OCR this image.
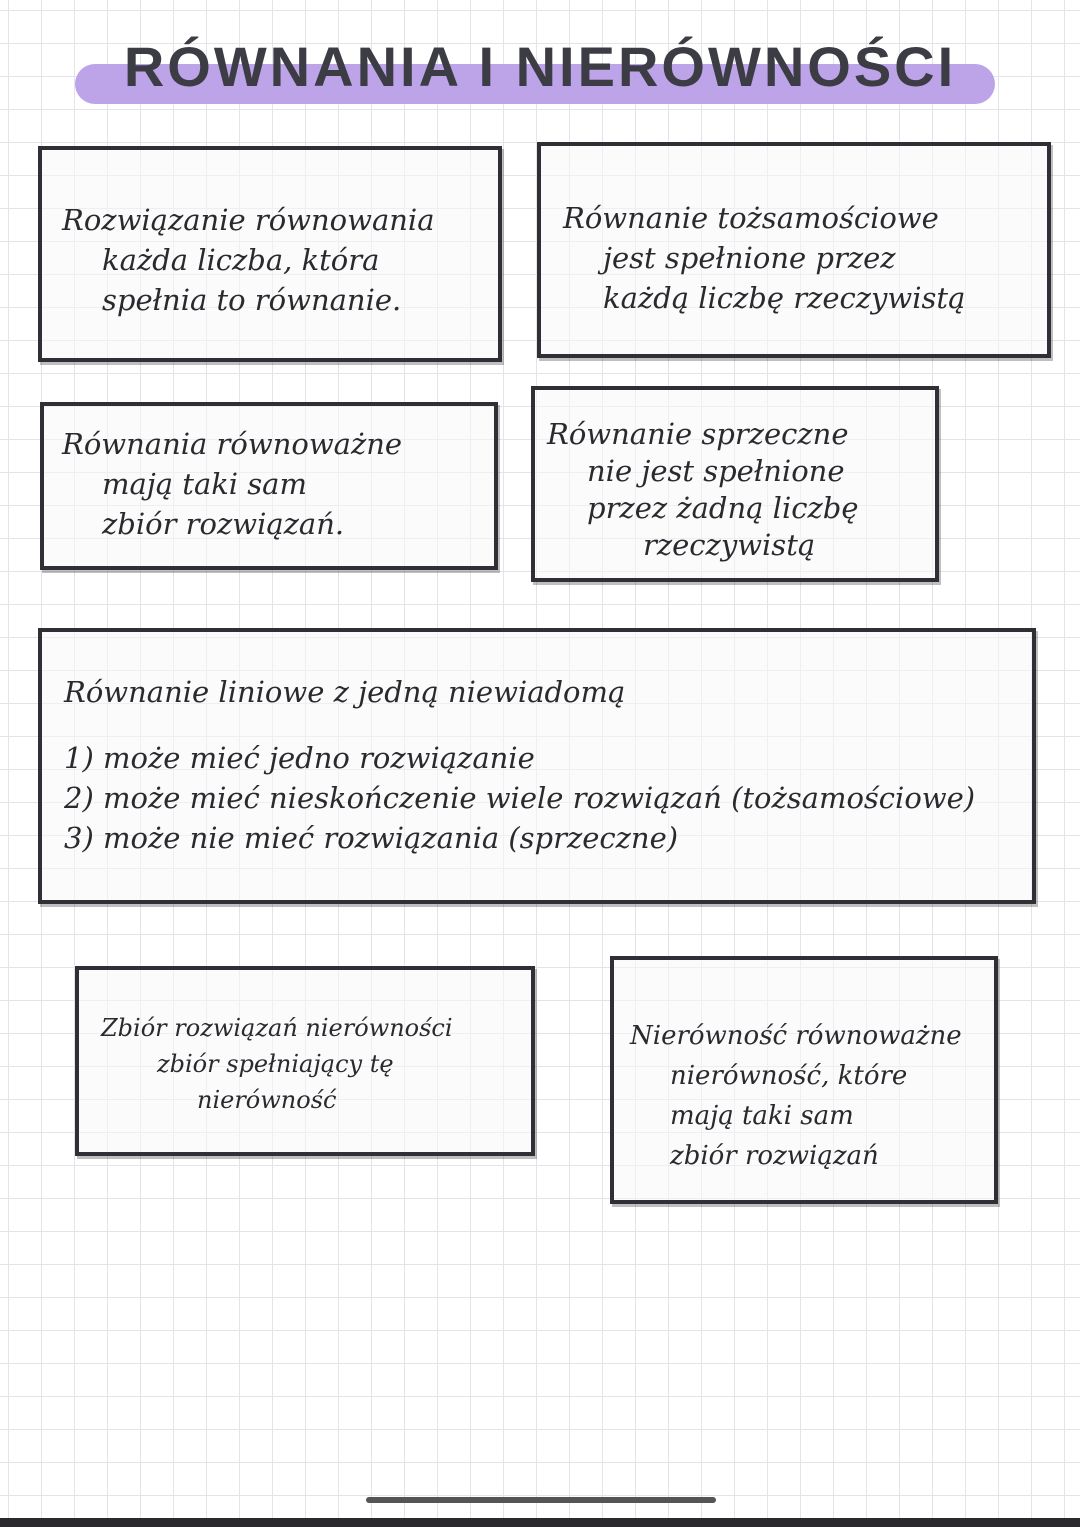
RÓWNANIA I NIERÓWNOŚCI

Rozwiązanie równowania

każda liczba, która

spełnia to równanie.

Równanie tożsamościowe

jest spełnione przez

każdą liczbę rzeczywistą

Równania równoważne

mają taki sam

zbiór rozwiązań.

Równanie sprzeczne

nie jest spełnione

przez żadną liczbę

rzeczywistą

Równanie liniowe z jedną niewiadomą

1) może mieć jedno rozwiązanie

2) może mieć nieskończenie wiele rozwiązań (tożsamościowe)

3) może nie mieć rozwiązania (sprzeczne)

Zbiór rozwiązań nierówności

zbiór spełniający tę

nierówność

Nierówność równoważne

nierówność, które

mają taki sam

zbiór rozwiązań
